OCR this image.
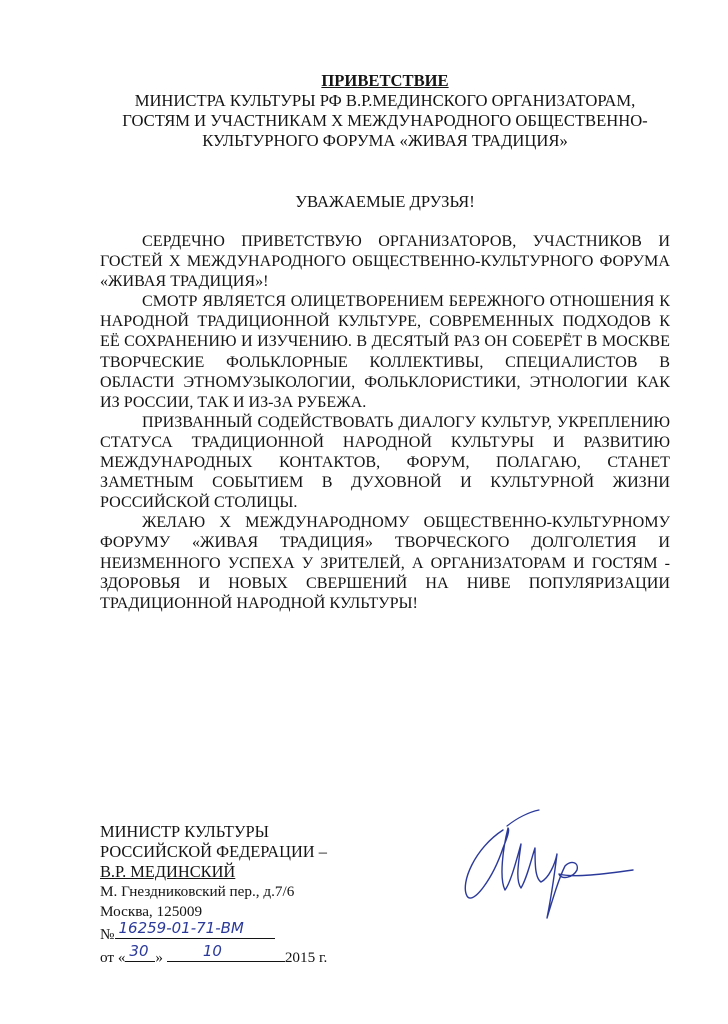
ПРИВЕТСТВИЕ
МИНИСТРА КУЛЬТУРЫ РФ В.Р.МЕДИНСКОГО ОРГАНИЗАТОРАМ,
ГОСТЯМ И УЧАСТНИКАМ X МЕЖДУНАРОДНОГО ОБЩЕСТВЕННО-
КУЛЬТУРНОГО ФОРУМА «ЖИВАЯ ТРАДИЦИЯ»
УВАЖАЕМЫЕ ДРУЗЬЯ!

СЕРДЕЧНО ПРИВЕТСТВУЮ ОРГАНИЗАТОРОВ, УЧАСТНИКОВ И ГОСТЕЙ X МЕЖДУНАРОДНОГО ОБЩЕСТВЕННО-КУЛЬТУРНОГО ФОРУМА «ЖИВАЯ ТРАДИЦИЯ»!

СМОТР ЯВЛЯЕТСЯ ОЛИЦЕТВОРЕНИЕМ БЕРЕЖНОГО ОТНОШЕНИЯ К НАРОДНОЙ ТРАДИЦИОННОЙ КУЛЬТУРЕ, СОВРЕМЕННЫХ ПОДХОДОВ К ЕЁ СОХРАНЕНИЮ И ИЗУЧЕНИЮ. В ДЕСЯТЫЙ РАЗ ОН СОБЕРЁТ В МОСКВЕ ТВОРЧЕСКИЕ ФОЛЬКЛОРНЫЕ КОЛЛЕКТИВЫ, СПЕЦИАЛИСТОВ В ОБЛАСТИ ЭТНОМУЗЫКОЛОГИИ, ФОЛЬКЛОРИСТИКИ, ЭТНОЛОГИИ КАК ИЗ РОССИИ, ТАК И ИЗ-ЗА РУБЕЖА.

ПРИЗВАННЫЙ СОДЕЙСТВОВАТЬ ДИАЛОГУ КУЛЬТУР, УКРЕПЛЕНИЮ СТАТУСА ТРАДИЦИОННОЙ НАРОДНОЙ КУЛЬТУРЫ И РАЗВИТИЮ МЕЖДУНАРОДНЫХ КОНТАКТОВ, ФОРУМ, ПОЛАГАЮ, СТАНЕТ ЗАМЕТНЫМ СОБЫТИЕМ В ДУХОВНОЙ И КУЛЬТУРНОЙ ЖИЗНИ РОССИЙСКОЙ СТОЛИЦЫ.

ЖЕЛАЮ X МЕЖДУНАРОДНОМУ ОБЩЕСТВЕННО-КУЛЬТУРНОМУ ФОРУМУ «ЖИВАЯ ТРАДИЦИЯ» ТВОРЧЕСКОГО ДОЛГОЛЕТИЯ И НЕИЗМЕННОГО УСПЕХА У ЗРИТЕЛЕЙ, А ОРГАНИЗАТОРАМ И ГОСТЯМ - ЗДОРОВЬЯ И НОВЫХ СВЕРШЕНИЙ НА НИВЕ ПОПУЛЯРИЗАЦИИ ТРАДИЦИОННОЙ НАРОДНОЙ КУЛЬТУРЫ!

МИНИСТР КУЛЬТУРЫ
РОССИЙСКОЙ ФЕДЕРАЦИИ –
В.Р. МЕДИНСКИЙ
М. Гнездниковский пер., д.7/6
Москва, 125009
№ 16259-01-71-ВМ
от « 30 »	10	2015 г.
